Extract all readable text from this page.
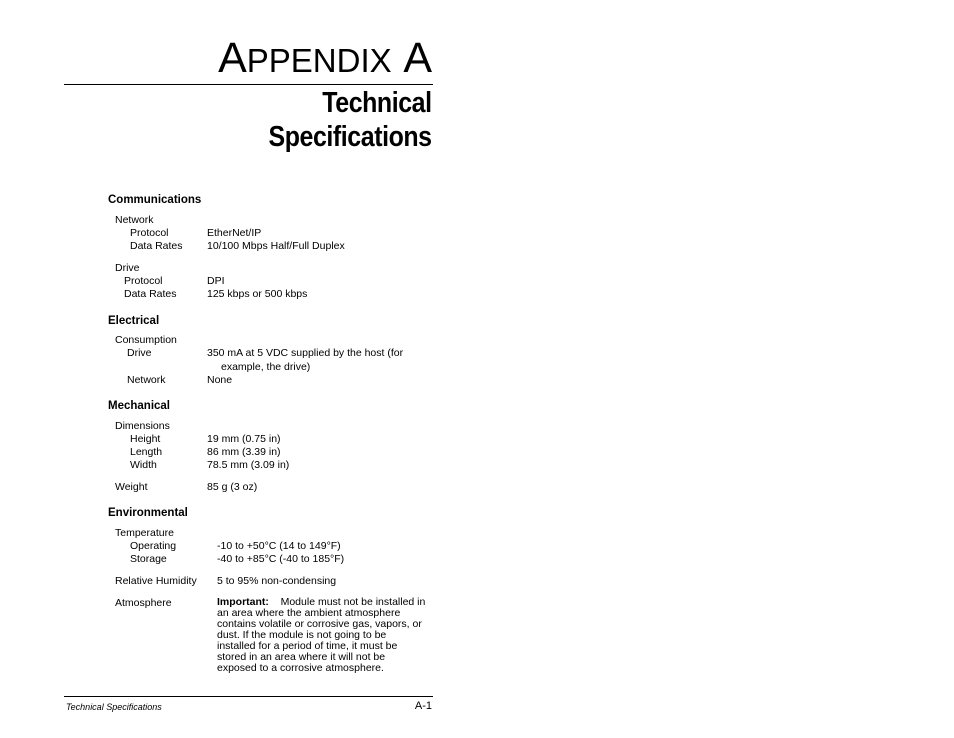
APPENDIX A
Technical
Specifications
Communications
Network
Protocol	EtherNet/IP
Data Rates 10/100 Mbps Half/Full Duplex
Drive
Protocol	DPI
Data Rates	125 kbps or 500 kbps
Electrical
Consumption
Drive	350 mA at 5 VDC supplied by the host (for
example, the drive)
Network	None
Mechanical
Dimensions
Height	19 mm (0.75 in)
Length	86 mm (3.39 in)
Width	78.5 mm (3.09 in)
Weight	85 g (3 oz)
Environmental
Temperature
Operating	-10 to +50°C (14 to 149°F)
Storage	-40 to +85°C (-40 to 185°F)
Relative Humidity 5 to 95% non-condensing
Atmosphere	Important: Module must not be installed in an area where the ambient atmosphere contains volatile or corrosive gas, vapors, or dust. If the module is not going to be installed for a period of time, it must be stored in an area where it will not be exposed to a corrosive atmosphere.
Technical Specifications	A-1
